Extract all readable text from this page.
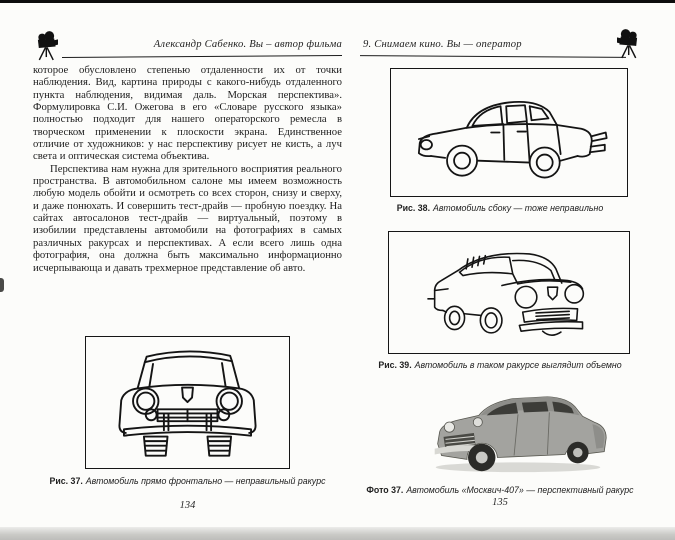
Александр Сабенко. Вы – автор фильма

которое обусловлено степенью отдаленности их от точки наблюдения. Вид, картина природы с какого-нибудь отдаленного пункта наблюдения, видимая даль. Морская перспектива». Формулировка С.И. Ожегова в его «Словаре русского языка» полностью подходит для нашего операторского ремесла в творческом применении к плоскости экрана. Единственное отличие от художников: у нас перспективу рисует не кисть, а луч света и оптическая система объектива.

Перспектива нам нужна для зрительного восприятия реального пространства. В автомобильном салоне мы имеем возможность любую модель обойти и осмотреть со всех сторон, снизу и сверху, и даже понюхать. И совершить тест-драйв — пробную поездку. На сайтах автосалонов тест-драйв — виртуальный, поэтому в изобилии представлены автомобили на фотографиях в самых различных ракурсах и перспективах. А если всего лишь одна фотография, она должна быть максимально информационно исчерпывающа и давать трехмерное представление об авто.

Рис. 37. Автомобиль прямо фронтально — неправильный ракурс
134
9. Снимаем кино. Вы — оператор
Рис. 38. Автомобиль сбоку — тоже неправильно
Рис. 39. Автомобиль в таком ракурсе выглядит объемно
Фото 37. Автомобиль «Москвич-407» — перспективный ракурс
135
